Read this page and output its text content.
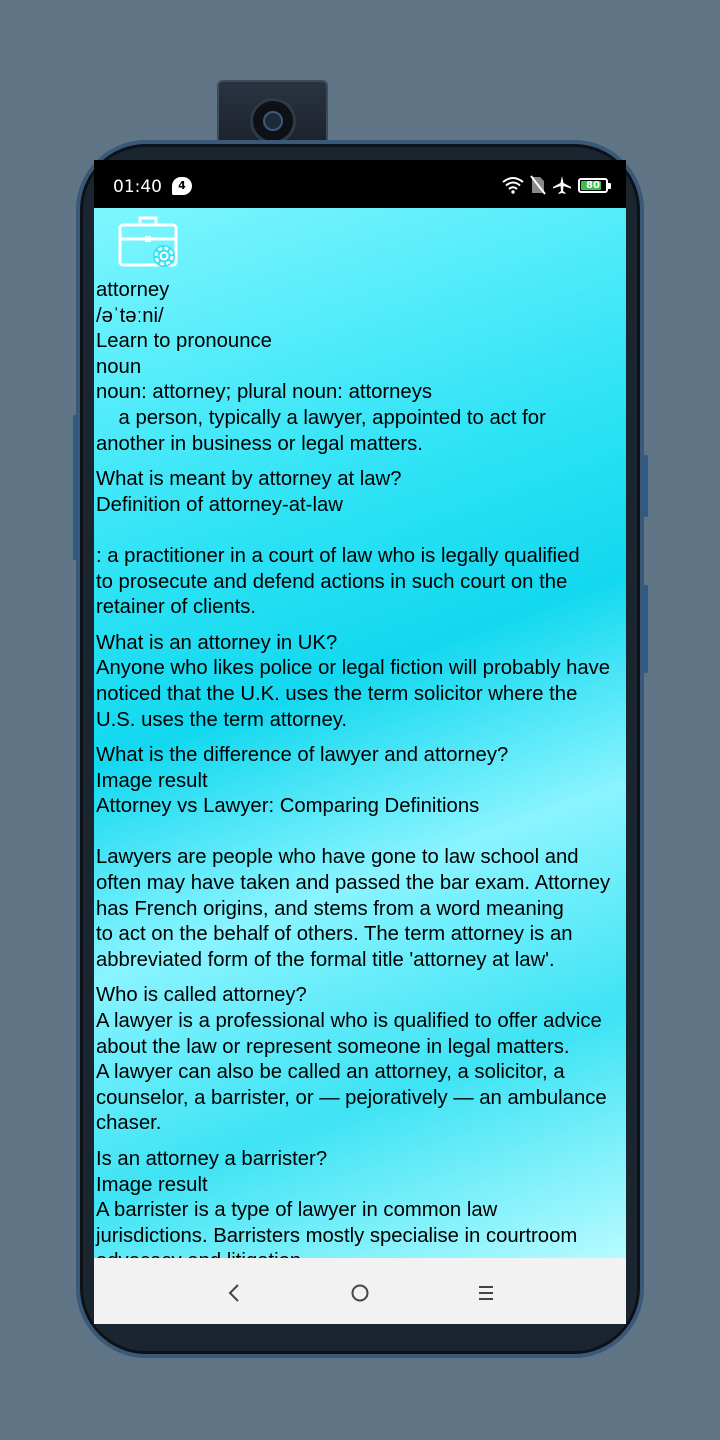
01:40	4	80

attorney
/əˈtəːni/
Learn to pronounce
noun
noun: attorney; plural noun: attorneys
a person, typically a lawyer, appointed to act for
another in business or legal matters.

What is meant by attorney at law?
Definition of attorney-at-law
: a practitioner in a court of law who is legally qualified
to prosecute and defend actions in such court on the
retainer of clients.

What is an attorney in UK?
Anyone who likes police or legal fiction will probably have
noticed that the U.K. uses the term solicitor where the
U.S. uses the term attorney.

What is the difference of lawyer and attorney?
Image result
Attorney vs Lawyer: Comparing Definitions
Lawyers are people who have gone to law school and
often may have taken and passed the bar exam. Attorney
has French origins, and stems from a word meaning
to act on the behalf of others. The term attorney is an
abbreviated form of the formal title 'attorney at law'.

Who is called attorney?
A lawyer is a professional who is qualified to offer advice
about the law or represent someone in legal matters.
A lawyer can also be called an attorney, a solicitor, a
counselor, a barrister, or — pejoratively — an ambulance
chaser.

Is an attorney a barrister?
Image result
A barrister is a type of lawyer in common law
jurisdictions. Barristers mostly specialise in courtroom
